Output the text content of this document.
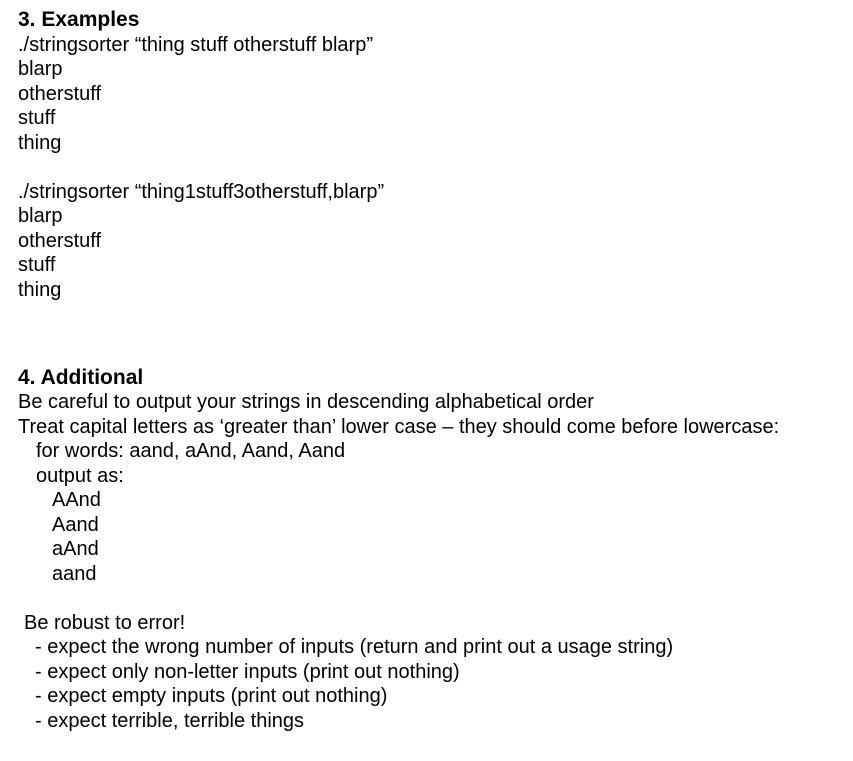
3. Examples
./stringsorter “thing stuff otherstuff blarp”
blarp
otherstuff
stuff
thing
./stringsorter “thing1stuff3otherstuff,blarp”
blarp
otherstuff
stuff
thing
4. Additional
Be careful to output your strings in descending alphabetical order
Treat capital letters as ‘greater than’ lower case – they should come before lowercase:
for words: aand, aAnd, Aand, Aand
output as:
AAnd
Aand
aAnd
aand
Be robust to error!
- expect the wrong number of inputs (return and print out a usage string)
- expect only non-letter inputs (print out nothing)
- expect empty inputs (print out nothing)
- expect terrible, terrible things
